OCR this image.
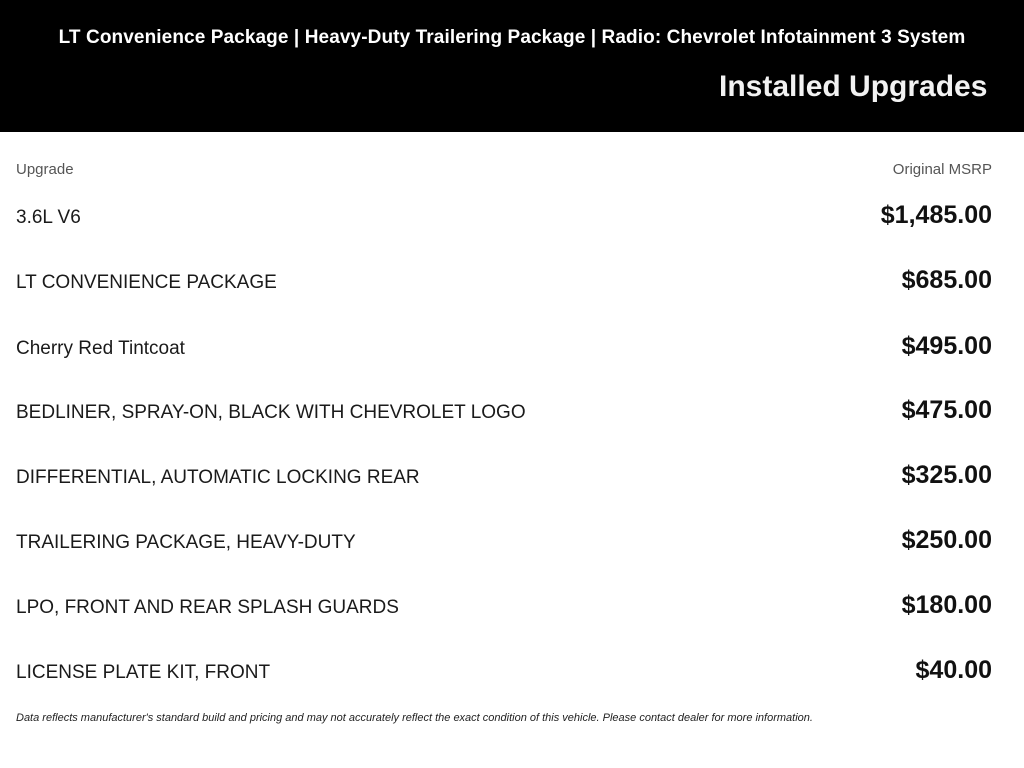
LT Convenience Package | Heavy-Duty Trailering Package | Radio: Chevrolet Infotainment 3 System
Installed Upgrades
Upgrade	Original MSRP
3.6L V6	$1,485.00
LT CONVENIENCE PACKAGE	$685.00
Cherry Red Tintcoat	$495.00
BEDLINER, SPRAY-ON, BLACK WITH CHEVROLET LOGO	$475.00
DIFFERENTIAL, AUTOMATIC LOCKING REAR	$325.00
TRAILERING PACKAGE, HEAVY-DUTY	$250.00
LPO, FRONT AND REAR SPLASH GUARDS	$180.00
LICENSE PLATE KIT, FRONT	$40.00
Data reflects manufacturer's standard build and pricing and may not accurately reflect the exact condition of this vehicle. Please contact dealer for more information.
